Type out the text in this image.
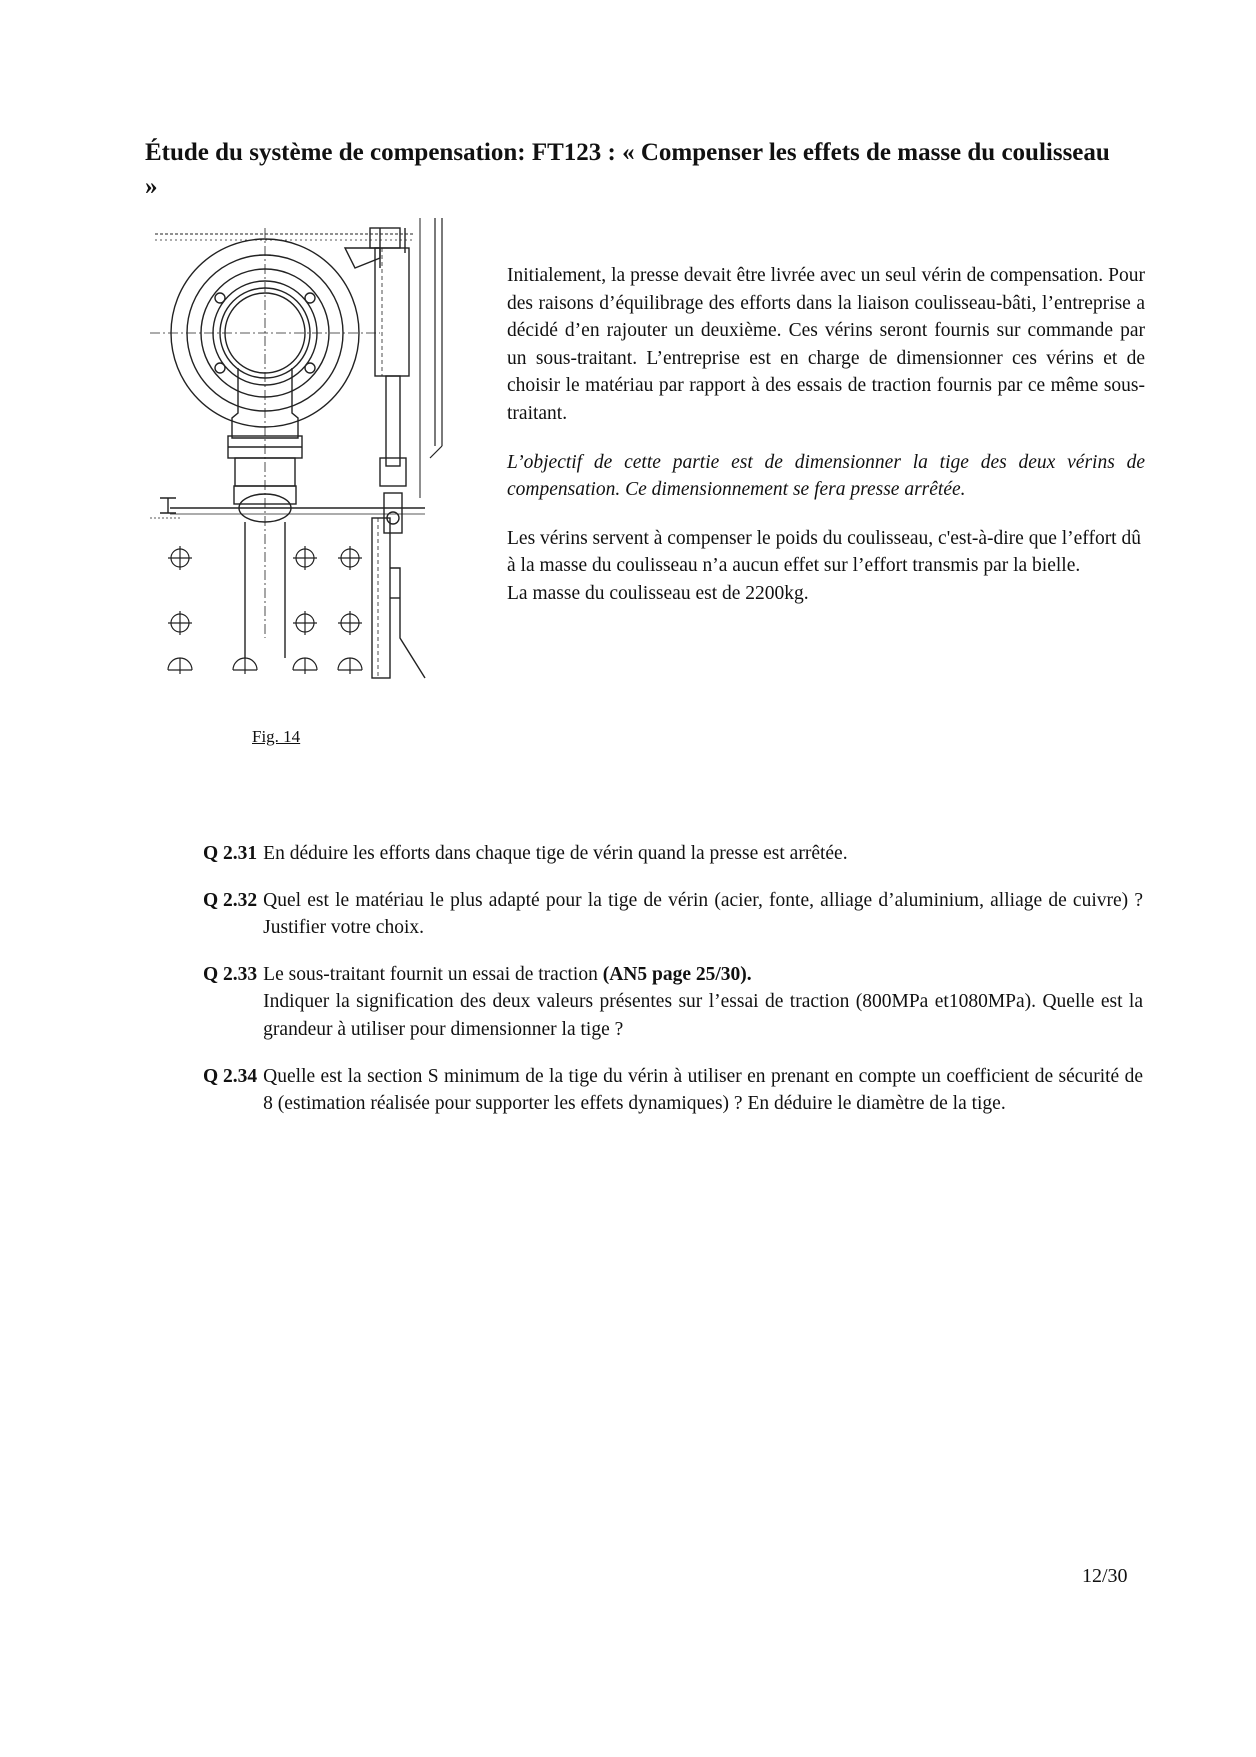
Étude du système de compensation: FT123 : « Compenser les effets de masse du coulisseau »
Fig. 14

Initialement, la presse devait être livrée avec un seul vérin de compensation. Pour des raisons d’équilibrage des efforts dans la liaison coulisseau-bâti, l’entreprise a décidé d’en rajouter un deuxième. Ces vérins seront fournis sur commande par un sous-traitant. L’entreprise est en charge de dimensionner ces vérins et de choisir le matériau par rapport à des essais de traction fournis par ce même sous-traitant.

L’objectif de cette partie est de dimensionner la tige des deux vérins de compensation. Ce dimensionnement se fera presse arrêtée.

Les vérins servent à compenser le poids du coulisseau, c'est-à-dire que l’effort dû à la masse du coulisseau n’a aucun effet sur l’effort transmis par la bielle.

La masse du coulisseau est de 2200kg.

Q 2.31 En déduire les efforts dans chaque tige de vérin quand la presse est arrêtée.
Q 2.32 Quel est le matériau le plus adapté pour la tige de vérin (acier, fonte, alliage d’aluminium, alliage de cuivre) ? Justifier votre choix.
Q 2.33 Le sous-traitant fournit un essai de traction (AN5 page 25/30).
Indiquer la signification des deux valeurs présentes sur l’essai de traction (800MPa et1080MPa). Quelle est la grandeur à utiliser pour dimensionner la tige ?
Q 2.34 Quelle est la section S minimum de la tige du vérin à utiliser en prenant en compte un coefficient de sécurité de 8 (estimation réalisée pour supporter les effets dynamiques) ? En déduire le diamètre de la tige.
12/30
